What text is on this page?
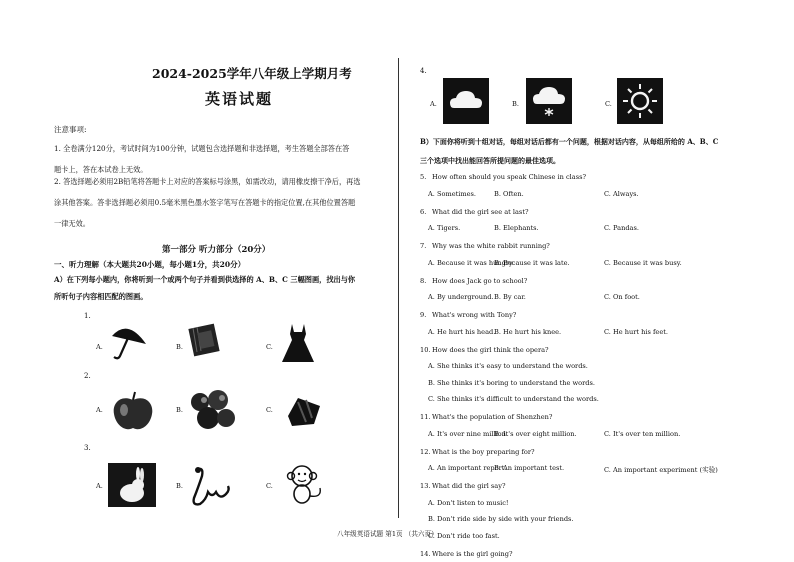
2024-2025学年八年级上学期月考
英语试题
注意事项:
1. 全卷满分120分，考试时间为100分钟，试题包含选择题和非选择题，考生答题全部答在答
题卡上，答在本试卷上无效。
2. 答选择题必须用2B铅笔将答题卡上对应的答案标号涂黑，如需改动，请用橡皮擦干净后，再选
涂其他答案。答非选择题必须用0.5毫米黑色墨水签字笔写在答题卡的指定位置,在其他位置答题
一律无效。
第一部分 听力部分（20分）
一、听力理解（本大题共20小题，每小题1分，共20分）
A）在下列每小题内，你将听到一个或两个句子并看到供选择的 A、B、C 三幅图画，找出与你
所听句子内容相匹配的图画。
1.
A.	B.	C.
2.
A.	B.	C.
3.
A.	B.	C.
4.
A.	B.	C.
B）下面你将听到十组对话，每组对话后都有一个问题，根据对话内容，从每组所给的 A、B、C
三个选项中找出能回答所提问题的最佳选项。
5. How often should you speak Chinese in class?
A. Sometimes.	B. Often.	C. Always.
6. What did the girl see at last?
A. Tigers.	B. Elephants.	C. Pandas.
7. Why was the white rabbit running?
A. Because it was hungry.
B. Because it was late.	C. Because it was busy.
8. How does Jack go to school?
A. By underground. B. By car.	C. On foot.
9. What's wrong with Tony?
A. He hurt his head.
B. He hurt his knee.	C. He hurt his feet.
10. How does the girl think the opera?
A. She thinks it's easy to understand the words.
B. She thinks it's boring to understand the words.
C. She thinks it's difficult to understand the words.
11. What's the population of Shenzhen?
A. It's over nine million.
B. It's over eight million.	C. It's over ten million.
12. What is the boy preparing for?
A. An important report.
B. An important test.	C. An important experiment (实验)
13. What did the girl say?
A. Don't listen to music!
B. Don't ride side by side with your friends.
C. Don't ride too fast.
14. Where is the girl going?
八年级英语试题 第1页 （共六页）
